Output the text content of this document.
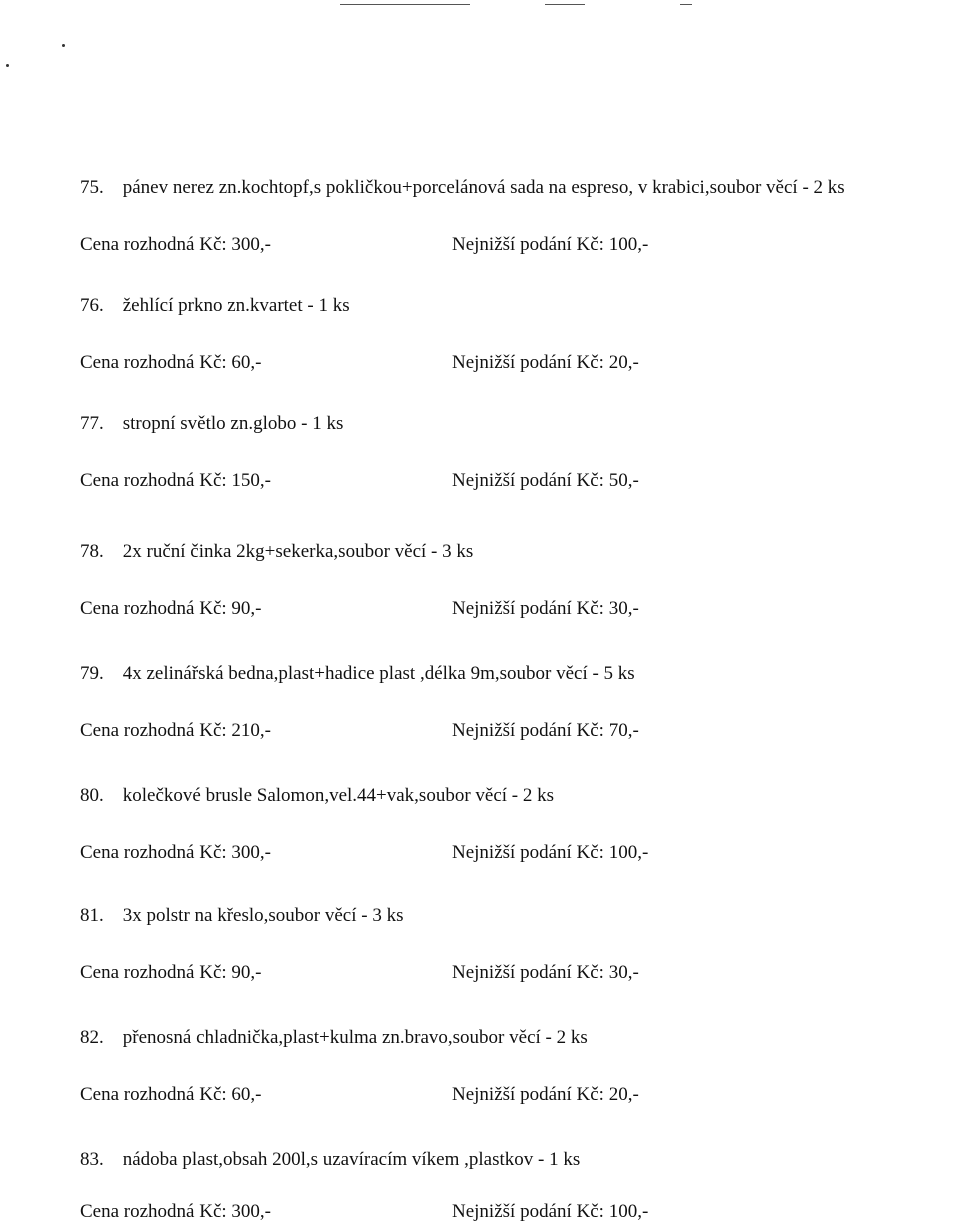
75. pánev nerez zn.kochtopf,s pokličkou+porcelánová sada na espreso, v krabici,soubor věcí - 2 ks
Cena rozhodná Kč: 300,-	Nejnižší podání Kč: 100,-
76. žehlící prkno zn.kvartet - 1 ks
Cena rozhodná Kč: 60,-	Nejnižší podání Kč: 20,-
77. stropní světlo zn.globo - 1 ks
Cena rozhodná Kč: 150,-	Nejnižší podání Kč: 50,-
78. 2x ruční činka 2kg+sekerka,soubor věcí - 3 ks
Cena rozhodná Kč: 90,-	Nejnižší podání Kč: 30,-
79. 4x zelinářská bedna,plast+hadice plast ,délka 9m,soubor věcí - 5 ks
Cena rozhodná Kč: 210,-	Nejnižší podání Kč: 70,-
80. kolečkové brusle Salomon,vel.44+vak,soubor věcí - 2 ks
Cena rozhodná Kč: 300,-	Nejnižší podání Kč: 100,-
81. 3x polstr na křeslo,soubor věcí - 3 ks
Cena rozhodná Kč: 90,-	Nejnižší podání Kč: 30,-
82. přenosná chladnička,plast+kulma zn.bravo,soubor věcí - 2 ks
Cena rozhodná Kč: 60,-	Nejnižší podání Kč: 20,-
83. nádoba plast,obsah 200l,s uzavíracím víkem ,plastkov - 1 ks
Cena rozhodná Kč: 300,-	Nejnižší podání Kč: 100,-
